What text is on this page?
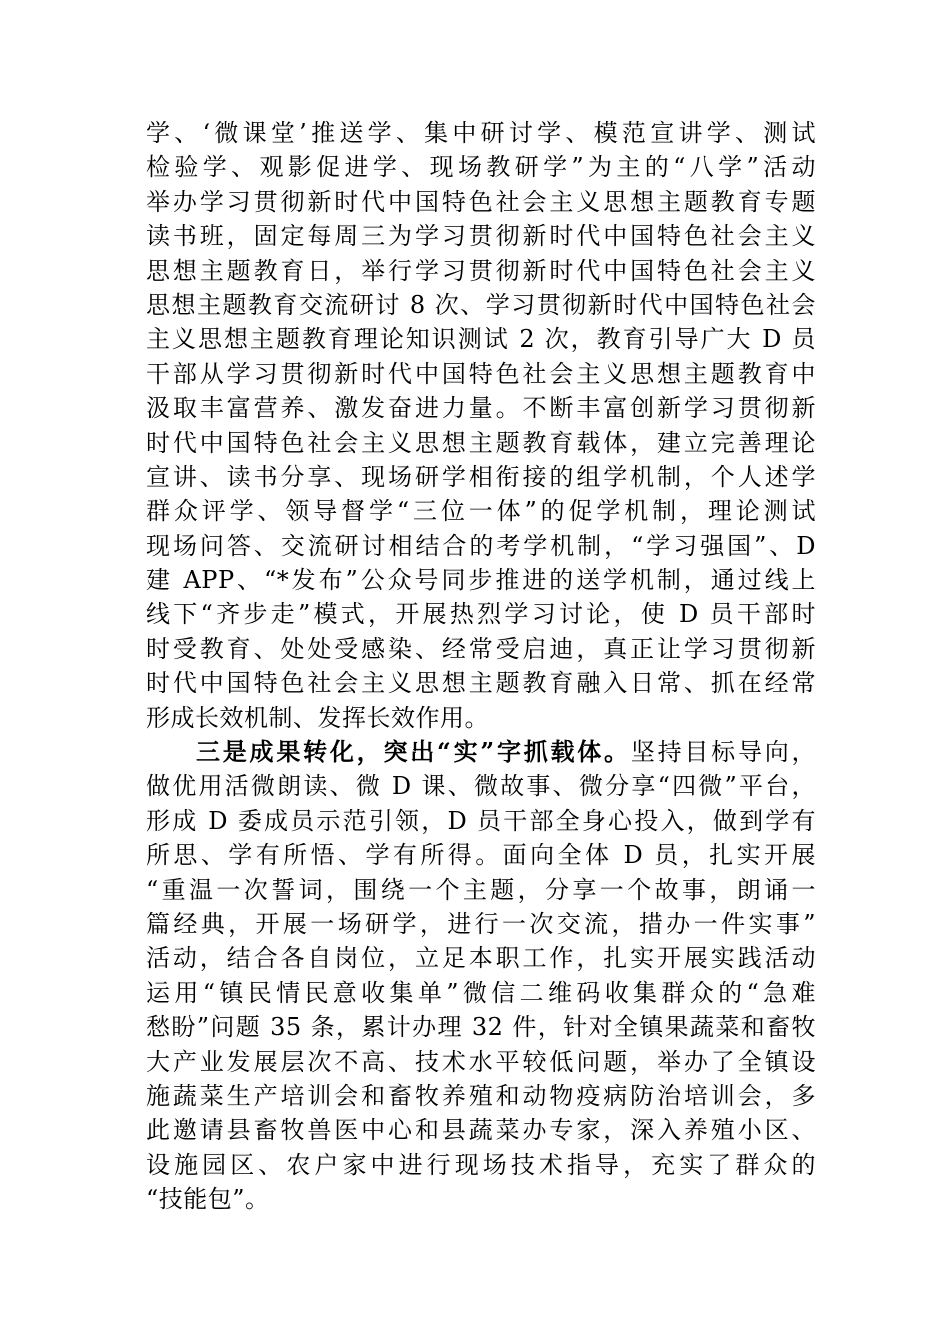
学、‘微课堂’推送学、集中研讨学、模范宣讲学、测试
检验学、观影促进学、现场教研学”为主的“八学”活动
举办学习贯彻新时代中国特色社会主义思想主题教育专题
读书班，固定每周三为学习贯彻新时代中国特色社会主义
思想主题教育日，举行学习贯彻新时代中国特色社会主义
思想主题教育交流研讨 8 次、学习贯彻新时代中国特色社会
主义思想主题教育理论知识测试 2 次，教育引导广大 D 员
干部从学习贯彻新时代中国特色社会主义思想主题教育中
汲取丰富营养、激发奋进力量。不断丰富创新学习贯彻新
时代中国特色社会主义思想主题教育载体，建立完善理论
宣讲、读书分享、现场研学相衔接的组学机制，个人述学
群众评学、领导督学“三位一体”的促学机制，理论测试
现场问答、交流研讨相结合的考学机制，“学习强国”、D
建 APP、“*发布”公众号同步推进的送学机制，通过线上
线下“齐步走”模式，开展热烈学习讨论，使 D 员干部时
时受教育、处处受感染、经常受启迪，真正让学习贯彻新
时代中国特色社会主义思想主题教育融入日常、抓在经常
形成长效机制、发挥长效作用。
三是成果转化，突出“实”字抓载体。坚持目标导向，
做优用活微朗读、微 D 课、微故事、微分享“四微”平台，
形成 D 委成员示范引领，D 员干部全身心投入，做到学有
所思、学有所悟、学有所得。面向全体 D 员，扎实开展
“重温一次誓词，围绕一个主题，分享一个故事，朗诵一
篇经典，开展一场研学，进行一次交流，措办一件实事”
活动，结合各自岗位，立足本职工作，扎实开展实践活动
运用“镇民情民意收集单”微信二维码收集群众的“急难
愁盼”问题 35 条，累计办理 32 件，针对全镇果蔬菜和畜牧
大产业发展层次不高、技术水平较低问题，举办了全镇设
施蔬菜生产培训会和畜牧养殖和动物疫病防治培训会，多
此邀请县畜牧兽医中心和县蔬菜办专家，深入养殖小区、
设施园区、农户家中进行现场技术指导，充实了群众的
“技能包”。
